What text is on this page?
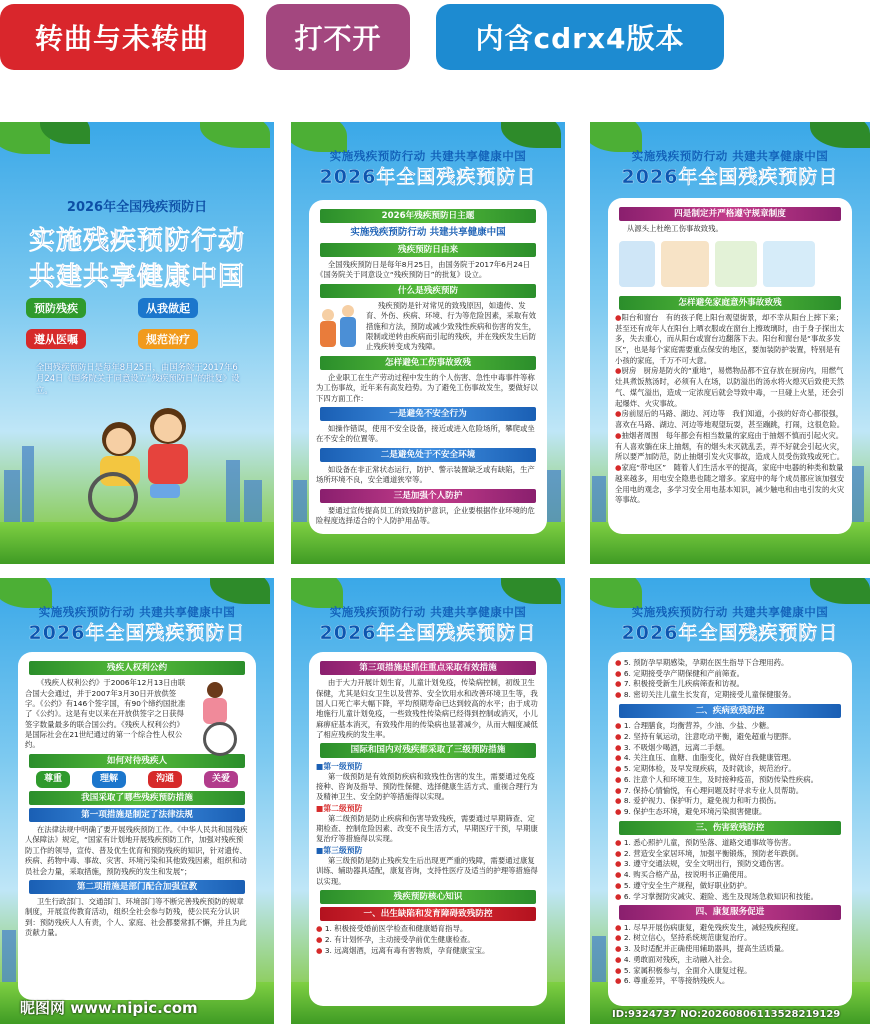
转曲与未转曲	打不开	内含cdrx4版本
2026年全国残疾预防日
实施残疾预防行动
共建共享健康中国
预防残疾	从我做起
遵从医嘱	规范治疗
全国残疾预防日是每年8月25日，由国务院于2017年6月24日《国务院关于同意设立“残疾预防日”的批复》设立。
实施残疾预防行动 共建共享健康中国
2026年全国残疾预防日
2026年残疾预防日主题
实施残疾预防行动 共建共享健康中国
残疾预防日由来
全国残疾预防日是每年8月25日，由国务院于2017年6月24日《国务院关于同意设立“残疾预防日”的批复》设立。
什么是残疾预防
残疾预防是针对常见的致残原因，如遗传、发育、外伤、疾病、环境、行为等危险因素，采取有效措施和方法，预防或减少致残性疾病和伤害的发生，限制或逆转由疾病而引起的残疾，并在残疾发生后防止残疾转变成为残障。
怎样避免工伤事故致残
企业职工在生产劳动过程中发生的个人伤害、急性中毒事件等称为工伤事故，近年来有高发趋势。为了避免工伤事故发生，要做好以下四方面工作：
一是避免不安全行为
如操作错误，使用不安全设备，接近或进入危险场所，攀爬或坐在不安全的位置等。
二是避免处于不安全环境
如设备在非正常状态运行，防护、警示装置缺乏或有缺陷，生产场所环境不良，安全通道狭窄等。
三是加强个人防护
要通过宣传提高员工的致残防护意识，企业要根据作业环境的危险程度选择适合的个人防护用品等。
实施残疾预防行动 共建共享健康中国
2026年全国残疾预防日
四是制定并严格遵守规章制度
从源头上杜绝工伤事故致残。
怎样避免家庭意外事故致残
●阳台和窗台　有的孩子爬上阳台观望街景，却不幸从阳台上摔下来；甚至还有成年人在阳台上晒衣服或在窗台上擦玻璃时，由于身子探出太多，失去重心，而从阳台或窗台边翻落下去。阳台和窗台是“事故多发区”，也是每个家庭需要重点保安的地区，要加装防护装置，特别是有小孩的家庭，千万不可大意。
●厨房　厨房是防火的“重地”，易燃物品都不宜存放在厨房内，用燃气灶具煮饭熬汤时，必须有人在场，以防溢出的汤水将火熄灭后致使天然气、煤气溢出，造成一定浓度后就会导致中毒，一旦碰上火星，还会引起爆炸、火灾事故。
●房前屋后的马路、湖边、河边等　我们知道，小孩的好奇心都很强，喜欢在马路、湖边、河边等地观望玩耍，甚至蹦跳，打闹，这很危险。
●抽烟者周围　每年都会有相当数量的家庭由于抽烟不慎而引起火灾。有人喜欢躺在床上抽烟，有的烟头未灭就乱丢，弄不好就会引起火灾，所以要严加防范，防止抽烟引发火灾事故，造成人员受伤致残或死亡。
●家庭“带电区”　随着人们生活水平的提高，家庭中电器的种类和数量越来越多，用电安全隐患也随之增多。家庭中的每个成员都应该加强安全用电的观念，多学习安全用电基本知识，减少触电和由电引发的火灾等事故。
实施残疾预防行动 共建共享健康中国
2026年全国残疾预防日
残疾人权利公约
《残疾人权利公约》于2006年12月13日由联合国大会通过，并于2007年3月30日开放供签字。《公约》有146个签字国，有90个缔约国批准了《公约》。这是有史以来在开放供签字之日获得签字数量最多的联合国公约。《残疾人权利公约》是国际社会在21世纪通过的第一个综合性人权公约。
如何对待残疾人
尊重	理解	沟通	关爱
我国采取了哪些残疾预防措施
第一项措施是制定了法律法规
在法律法规中明确了要开展残疾预防工作。《中华人民共和国残疾人保障法》规定，“国家有计划地开展残疾预防工作，加强对残疾预防工作的领导，宣传、普及优生优育和预防残疾的知识，针对遗传、疾病、药物中毒、事故、灾害、环境污染和其他致残因素，组织和动员社会力量，采取措施，预防残疾的发生和发展”；
第二项措施是部门配合加强宣教
卫生行政部门、交通部门、环境部门等不断完善残疾预防的规章制度，开展宣传教育活动，组织全社会参与防残，使公民充分认识到：预防残疾人人有责，个人、家庭、社会都要常抓不懈，并且为此贡献力量。
昵图网 www.nipic.com
实施残疾预防行动 共建共享健康中国
2026年全国残疾预防日
第三项措施是抓住重点采取有效措施
由于大力开展计划生育，儿童计划免疫，传染病控制，初级卫生保健，尤其是妇女卫生以及营养、安全饮用水和改善环境卫生等，我国人口死亡率大幅下降，平均预期寿命已达到较高的水平；由于成功地施行儿童计划免疫，一些致残性传染病已经得到控制或消灭，小儿麻痹症基本消灭，有致残作用的传染病也显著减少，从而大幅度减低了相应残疾的发生率。
国际和国内对残疾都采取了三级预防措施
■第一级预防
第一级预防是有效预防疾病和致残性伤害的发生，需要通过免疫接种、咨询及指导、预防性保健、选择健康生活方式、重视合理行为及精神卫生、安全防护等措施得以实现。
■第二级预防
第二级预防是防止疾病和伤害导致残疾，需要通过早期筛查、定期检查、控制危险因素、改变不良生活方式，早期医疗干预，早期康复治疗等措施得以实现。
■第三级预防
第三级预防是防止残疾发生后出现更严重的残障，需要通过康复训练、辅助器具适配，康复咨询，支持性医疗及适当的护理等措施得以实现。
残疾预防核心知识
一、出生缺陷和发育障碍致残防控
● 1. 积极接受婚前医学检查和健康婚育指导。
● 2. 有计划怀孕，主动接受孕前优生健康检查。
● 3. 远离烟酒，远离有毒有害物质，孕育健康宝宝。
实施残疾预防行动 共建共享健康中国
2026年全国残疾预防日
● 5. 预防孕早期感染，孕期在医生指导下合理用药。
● 6. 定期接受孕产期保健和产前筛查。
● 7. 积极接受新生儿疾病筛查和访视。
● 8. 密切关注儿童生长发育，定期接受儿童保健服务。
二、疾病致残防控
● 1. 合理膳食，均衡营养，少油、少盐、少糖。
● 2. 坚持有氧运动，注意吃动平衡，避免超重与肥胖。
● 3. 不吸烟少喝酒，远离二手烟。
● 4. 关注血压、血糖、血脂变化，做好自我健康管理。
● 5. 定期体检，及早发现疾病，及时就诊，规范治疗。
● 6. 注意个人和环境卫生，及时接种疫苗，预防传染性疾病。
● 7. 保持心情愉悦，有心理问题及时寻求专业人员帮助。
● 8. 爱护视力、保护听力，避免视力和听力损伤。
● 9. 保护生态环境，避免环境污染损害健康。
三、伤害致残防控
● 1. 悉心照护儿童，预防坠落、道路交通事故等伤害。
● 2. 营造安全家居环境，加强平衡锻炼，预防老年跌倒。
● 3. 遵守交通法规，安全文明出行，预防交通伤害。
● 4. 购买合格产品，按说明书正确使用。
● 5. 遵守安全生产规程，做好职业防护。
● 6. 学习掌握防灾减灾、避险、逃生及现场急救知识和技能。
四、康复服务促进
● 1. 尽早开展伤病康复，避免残疾发生，减轻残疾程度。
● 2. 树立信心，坚持系统规范康复治疗。
● 3. 及时适配并正确使用辅助器具，提高生活质量。
● 4. 勇敢面对残疾，主动融入社会。
● 5. 家属积极参与，全面介入康复过程。
● 6. 尊重差异，平等接纳残疾人。
ID:9324737 NO:20260806113528219129
